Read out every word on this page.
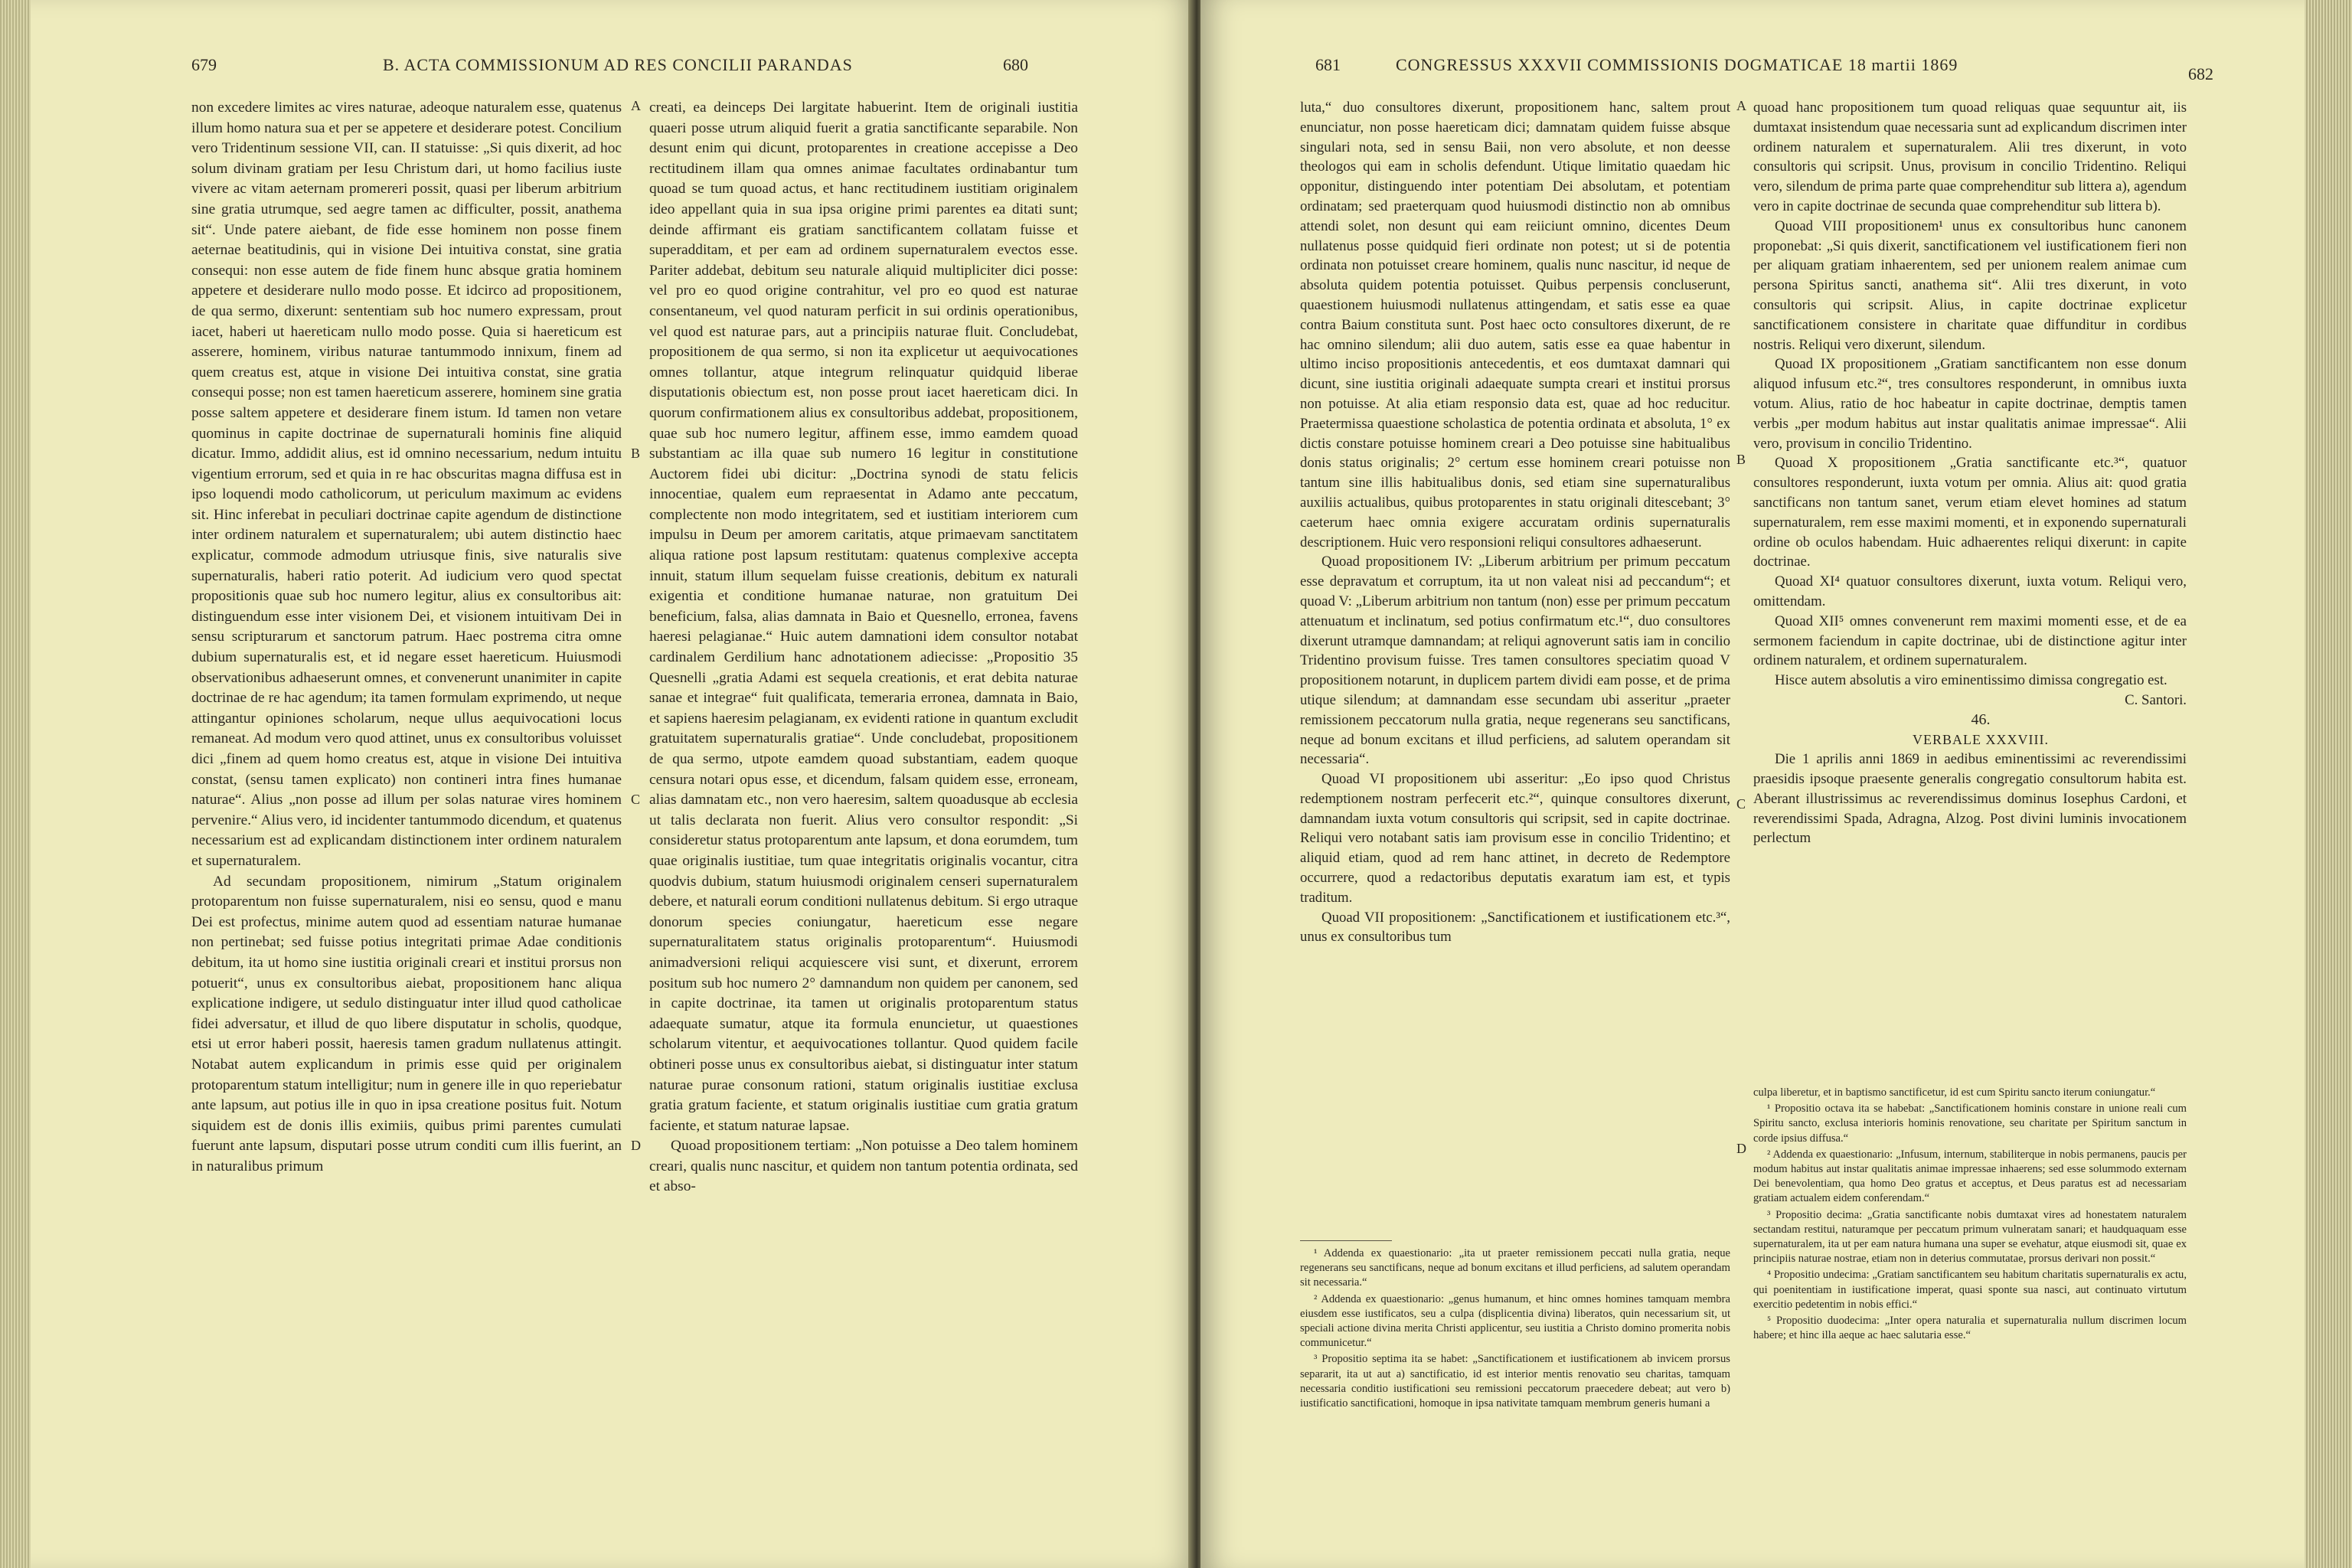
679	B. ACTA COMMISSIONUM AD RES CONCILII PARANDAS	680

non excedere limites ac vires naturae, adeoque naturalem esse, quatenus illum homo natura sua et per se appetere et desiderare potest. Concilium vero Tridentinum sessione VII, can. II statuisse: „Si quis dixerit, ad hoc solum divinam gratiam per Iesu Christum dari, ut homo facilius iuste vivere ac vitam aeternam promereri possit, quasi per liberum arbitrium sine gratia utrumque, sed aegre tamen ac difficulter, possit, anathema sit“. Unde patere aiebant, de fide esse hominem non posse finem aeternae beatitudinis, qui in visione Dei intuitiva constat, sine gratia consequi: non esse autem de fide finem hunc absque gratia hominem appetere et desiderare nullo modo posse. Et idcirco ad propositionem, de qua sermo, dixerunt: sententiam sub hoc numero expressam, prout iacet, haberi ut haereticam nullo modo posse. Quia si haereticum est asserere, hominem, viribus naturae tantummodo innixum, finem ad quem creatus est, atque in visione Dei intuitiva constat, sine gratia consequi posse; non est tamen haereticum asserere, hominem sine gratia posse saltem appetere et desiderare finem istum. Id tamen non vetare quominus in capite doctrinae de supernaturali hominis fine aliquid dicatur. Immo, addidit alius, est id omnino necessarium, nedum intuitu vigentium errorum, sed et quia in re hac obscuritas magna diffusa est in ipso loquendi modo catholicorum, ut periculum maximum ac evidens sit. Hinc inferebat in peculiari doctrinae capite agendum de distinctione inter ordinem naturalem et supernaturalem; ubi autem distinctio haec explicatur, commode admodum utriusque finis, sive naturalis sive supernaturalis, haberi ratio poterit. Ad iudicium vero quod spectat propositionis quae sub hoc numero legitur, alius ex consultoribus ait: distinguendum esse inter visionem Dei, et visionem intuitivam Dei in sensu scripturarum et sanctorum patrum. Haec postrema citra omne dubium supernaturalis est, et id negare esset haereticum. Huiusmodi observationibus adhaeserunt omnes, et convenerunt unanimiter in capite doctrinae de re hac agendum; ita tamen formulam exprimendo, ut neque attingantur opiniones scholarum, neque ullus aequivocationi locus remaneat. Ad modum vero quod attinet, unus ex consultoribus voluisset dici „finem ad quem homo creatus est, atque in visione Dei intuitiva constat, (sensu tamen explicato) non contineri intra fines humanae naturae“. Alius „non posse ad illum per solas naturae vires hominem pervenire.“ Alius vero, id incidenter tantummodo dicendum, et quatenus necessarium est ad explicandam distinctionem inter ordinem naturalem et supernaturalem.

Ad secundam propositionem, nimirum „Statum originalem protoparentum non fuisse supernaturalem, nisi eo sensu, quod e manu Dei est profectus, minime autem quod ad essentiam naturae humanae non pertinebat; sed fuisse potius integritati primae Adae conditionis debitum, ita ut homo sine iustitia originali creari et institui prorsus non potuerit“, unus ex consultoribus aiebat, propositionem hanc aliqua explicatione indigere, ut sedulo distinguatur inter illud quod catholicae fidei adversatur, et illud de quo libere disputatur in scholis, quodque, etsi ut error haberi possit, haeresis tamen gradum nullatenus attingit. Notabat autem explicandum in primis esse quid per originalem protoparentum statum intelligitur; num in genere ille in quo reperiebatur ante lapsum, aut potius ille in quo in ipsa creatione positus fuit. Notum siquidem est de donis illis eximiis, quibus primi parentes cumulati fuerunt ante lapsum, disputari posse utrum conditi cum illis fuerint, an in naturalibus primum

A
B
C
D

creati, ea deinceps Dei largitate habuerint. Item de originali iustitia quaeri posse utrum aliquid fuerit a gratia sanctificante separabile. Non desunt enim qui dicunt, protoparentes in creatione accepisse a Deo rectitudinem illam qua omnes animae facultates ordinabantur tum quoad se tum quoad actus, et hanc rectitudinem iustitiam originalem ideo appellant quia in sua ipsa origine primi parentes ea ditati sunt; deinde affirmant eis gratiam sanctificantem collatam fuisse et superadditam, et per eam ad ordinem supernaturalem evectos esse. Pariter addebat, debitum seu naturale aliquid multipliciter dici posse: vel pro eo quod origine contrahitur, vel pro eo quod est naturae consentaneum, vel quod naturam perficit in sui ordinis operationibus, vel quod est naturae pars, aut a principiis naturae fluit. Concludebat, propositionem de qua sermo, si non ita explicetur ut aequivocationes omnes tollantur, atque integrum relinquatur quidquid liberae disputationis obiectum est, non posse prout iacet haereticam dici. In quorum confirmationem alius ex consultoribus addebat, propositionem, quae sub hoc numero legitur, affinem esse, immo eamdem quoad substantiam ac illa quae sub numero 16 legitur in constitutione Auctorem fidei ubi dicitur: „Doctrina synodi de statu felicis innocentiae, qualem eum repraesentat in Adamo ante peccatum, complectente non modo integritatem, sed et iustitiam interiorem cum impulsu in Deum per amorem caritatis, atque primaevam sanctitatem aliqua ratione post lapsum restitutam: quatenus complexive accepta innuit, statum illum sequelam fuisse creationis, debitum ex naturali exigentia et conditione humanae naturae, non gratuitum Dei beneficium, falsa, alias damnata in Baio et Quesnello, erronea, favens haeresi pelagianae.“ Huic autem damnationi idem consultor notabat cardinalem Gerdilium hanc adnotationem adiecisse: „Propositio 35 Quesnelli „gratia Adami est sequela creationis, et erat debita naturae sanae et integrae“ fuit qualificata, temeraria erronea, damnata in Baio, et sapiens haeresim pelagianam, ex evidenti ratione in quantum excludit gratuitatem supernaturalis gratiae“. Unde concludebat, propositionem de qua sermo, utpote eamdem quoad substantiam, eadem quoque censura notari opus esse, et dicendum, falsam quidem esse, erroneam, alias damnatam etc., non vero haeresim, saltem quoadusque ab ecclesia ut talis declarata non fuerit. Alius vero consultor respondit: „Si consideretur status protoparentum ante lapsum, et dona eorumdem, tum quae originalis iustitiae, tum quae integritatis originalis vocantur, citra quodvis dubium, statum huiusmodi originalem censeri supernaturalem debere, et naturali eorum conditioni nullatenus debitum. Si ergo utraque donorum species coniungatur, haereticum esse negare supernaturalitatem status originalis protoparentum“. Huiusmodi animadversioni reliqui acquiescere visi sunt, et dixerunt, errorem positum sub hoc numero 2° damnandum non quidem per canonem, sed in capite doctrinae, ita tamen ut originalis protoparentum status adaequate sumatur, atque ita formula enuncietur, ut quaestiones scholarum vitentur, et aequivocationes tollantur. Quod quidem facile obtineri posse unus ex consultoribus aiebat, si distinguatur inter statum naturae purae consonum rationi, statum originalis iustitiae exclusa gratia gratum faciente, et statum originalis iustitiae cum gratia gratum faciente, et statum naturae lapsae.

Quoad propositionem tertiam: „Non potuisse a Deo talem hominem creari, qualis nunc nascitur, et quidem non tantum potentia ordinata, sed et abso-

681	CONGRESSUS XXXVII COMMISSIONIS DOGMATICAE 18 martii 1869	682

luta,“ duo consultores dixerunt, propositionem hanc, saltem prout enunciatur, non posse haereticam dici; damnatam quidem fuisse absque singulari nota, sed in sensu Baii, non vero absolute, et non deesse theologos qui eam in scholis defendunt. Utique limitatio quaedam hic opponitur, distinguendo inter potentiam Dei absolutam, et potentiam ordinatam; sed praeterquam quod huiusmodi distinctio non ab omnibus attendi solet, non desunt qui eam reiiciunt omnino, dicentes Deum nullatenus posse quidquid fieri ordinate non potest; ut si de potentia ordinata non potuisset creare hominem, qualis nunc nascitur, id neque de absoluta quidem potentia potuisset. Quibus perpensis concluserunt, quaestionem huiusmodi nullatenus attingendam, et satis esse ea quae contra Baium constituta sunt. Post haec octo consultores dixerunt, de re hac omnino silendum; alii duo autem, satis esse ea quae habentur in ultimo inciso propositionis antecedentis, et eos dumtaxat damnari qui dicunt, sine iustitia originali adaequate sumpta creari et institui prorsus non potuisse. At alia etiam responsio data est, quae ad hoc reducitur. Praetermissa quaestione scholastica de potentia ordinata et absoluta, 1° ex dictis constare potuisse hominem creari a Deo potuisse sine habitualibus donis status originalis; 2° certum esse hominem creari potuisse non tantum sine illis habitualibus donis, sed etiam sine supernaturalibus auxiliis actualibus, quibus protoparentes in statu originali ditescebant; 3° caeterum haec omnia exigere accuratam ordinis supernaturalis descriptionem. Huic vero responsioni reliqui consultores adhaeserunt.

Quoad propositionem IV: „Liberum arbitrium per primum peccatum esse depravatum et corruptum, ita ut non valeat nisi ad peccandum“; et quoad V: „Liberum arbitrium non tantum (non) esse per primum peccatum attenuatum et inclinatum, sed potius confirmatum etc.¹“, duo consultores dixerunt utramque damnandam; at reliqui agnoverunt satis iam in concilio Tridentino provisum fuisse. Tres tamen consultores speciatim quoad V propositionem notarunt, in duplicem partem dividi eam posse, et de prima utique silendum; at damnandam esse secundam ubi asseritur „praeter remissionem peccatorum nulla gratia, neque regenerans seu sanctificans, neque ad bonum excitans et illud perficiens, ad salutem operandam sit necessaria“.

Quoad VI propositionem ubi asseritur: „Eo ipso quod Christus redemptionem nostram perfecerit etc.²“, quinque consultores dixerunt, damnandam iuxta votum consultoris qui scripsit, sed in capite doctrinae. Reliqui vero notabant satis iam provisum esse in concilio Tridentino; et aliquid etiam, quod ad rem hanc attinet, in decreto de Redemptore occurrere, quod a redactoribus deputatis exaratum iam est, et typis traditum.

Quoad VII propositionem: „Sanctificationem et iustificationem etc.³“, unus ex consultoribus tum

A
B
C
D

quoad hanc propositionem tum quoad reliquas quae sequuntur ait, iis dumtaxat insistendum quae necessaria sunt ad explicandum discrimen inter ordinem naturalem et supernaturalem. Alii tres dixerunt, in voto consultoris qui scripsit. Unus, provisum in concilio Tridentino. Reliqui vero, silendum de prima parte quae comprehenditur sub littera a), agendum vero in capite doctrinae de secunda quae comprehenditur sub littera b).

Quoad VIII propositionem¹ unus ex consultoribus hunc canonem proponebat: „Si quis dixerit, sanctificationem vel iustificationem fieri non per aliquam gratiam inhaerentem, sed per unionem realem animae cum persona Spiritus sancti, anathema sit“. Alii tres dixerunt, in voto consultoris qui scripsit. Alius, in capite doctrinae explicetur sanctificationem consistere in charitate quae diffunditur in cordibus nostris. Reliqui vero dixerunt, silendum.

Quoad IX propositionem „Gratiam sanctificantem non esse donum aliquod infusum etc.²“, tres consultores responderunt, in omnibus iuxta votum. Alius, ratio de hoc habeatur in capite doctrinae, demptis tamen verbis „per modum habitus aut instar qualitatis animae impressae“. Alii vero, provisum in concilio Tridentino.

Quoad X propositionem „Gratia sanctificante etc.³“, quatuor consultores responderunt, iuxta votum per omnia. Alius ait: quod gratia sanctificans non tantum sanet, verum etiam elevet homines ad statum supernaturalem, rem esse maximi momenti, et in exponendo supernaturali ordine ob oculos habendam. Huic adhaerentes reliqui dixerunt: in capite doctrinae.

Quoad XI⁴ quatuor consultores dixerunt, iuxta votum. Reliqui vero, omittendam.

Quoad XII⁵ omnes convenerunt rem maximi momenti esse, et de ea sermonem faciendum in capite doctrinae, ubi de distinctione agitur inter ordinem naturalem, et ordinem supernaturalem.

Hisce autem absolutis a viro eminentissimo dimissa congregatio est.

C. Santori.

46.

VERBALE XXXVIII.

Die 1 aprilis anni 1869 in aedibus eminentissimi ac reverendissimi praesidis ipsoque praesente generalis congregatio consultorum habita est. Aberant illustrissimus ac reverendissimus dominus Iosephus Cardoni, et reverendissimi Spada, Adragna, Alzog. Post divini luminis invocationem perlectum

¹ Addenda ex quaestionario: „ita ut praeter remissionem peccati nulla gratia, neque regenerans seu sanctificans, neque ad bonum excitans et illud perficiens, ad salutem operandam sit necessaria.“

² Addenda ex quaestionario: „genus humanum, et hinc omnes homines tamquam membra eiusdem esse iustificatos, seu a culpa (displicentia divina) liberatos, quin necessarium sit, ut speciali actione divina merita Christi applicentur, seu iustitia a Christo domino promerita nobis communicetur.“

³ Propositio septima ita se habet: „Sanctificationem et iustificationem ab invicem prorsus separarit, ita ut aut a) sanctificatio, id est interior mentis renovatio seu charitas, tamquam necessaria conditio iustificationi seu remissioni peccatorum praecedere debeat; aut vero b) iustificatio sanctificationi, homoque in ipsa nativitate tamquam membrum generis humani a

culpa liberetur, et in baptismo sanctificetur, id est cum Spiritu sancto iterum coniungatur.“

¹ Propositio octava ita se habebat: „Sanctificationem hominis constare in unione reali cum Spiritu sancto, exclusa interioris hominis renovatione, seu charitate per Spiritum sanctum in corde ipsius diffusa.“

² Addenda ex quaestionario: „Infusum, internum, stabiliterque in nobis permanens, paucis per modum habitus aut instar qualitatis animae impressae inhaerens; sed esse solummodo externam Dei benevolentiam, qua homo Deo gratus et acceptus, et Deus paratus est ad necessariam gratiam actualem eidem conferendam.“

³ Propositio decima: „Gratia sanctificante nobis dumtaxat vires ad honestatem naturalem sectandam restitui, naturamque per peccatum primum vulneratam sanari; et haudquaquam esse supernaturalem, ita ut per eam natura humana una super se evehatur, atque eiusmodi sit, quae ex principiis naturae nostrae, etiam non in deterius commutatae, prorsus derivari non possit.“

⁴ Propositio undecima: „Gratiam sanctificantem seu habitum charitatis supernaturalis ex actu, qui poenitentiam in iustificatione imperat, quasi sponte sua nasci, aut continuato virtutum exercitio pedetentim in nobis effici.“

⁵ Propositio duodecima: „Inter opera naturalia et supernaturalia nullum discrimen locum habere; et hinc illa aeque ac haec salutaria esse.“
